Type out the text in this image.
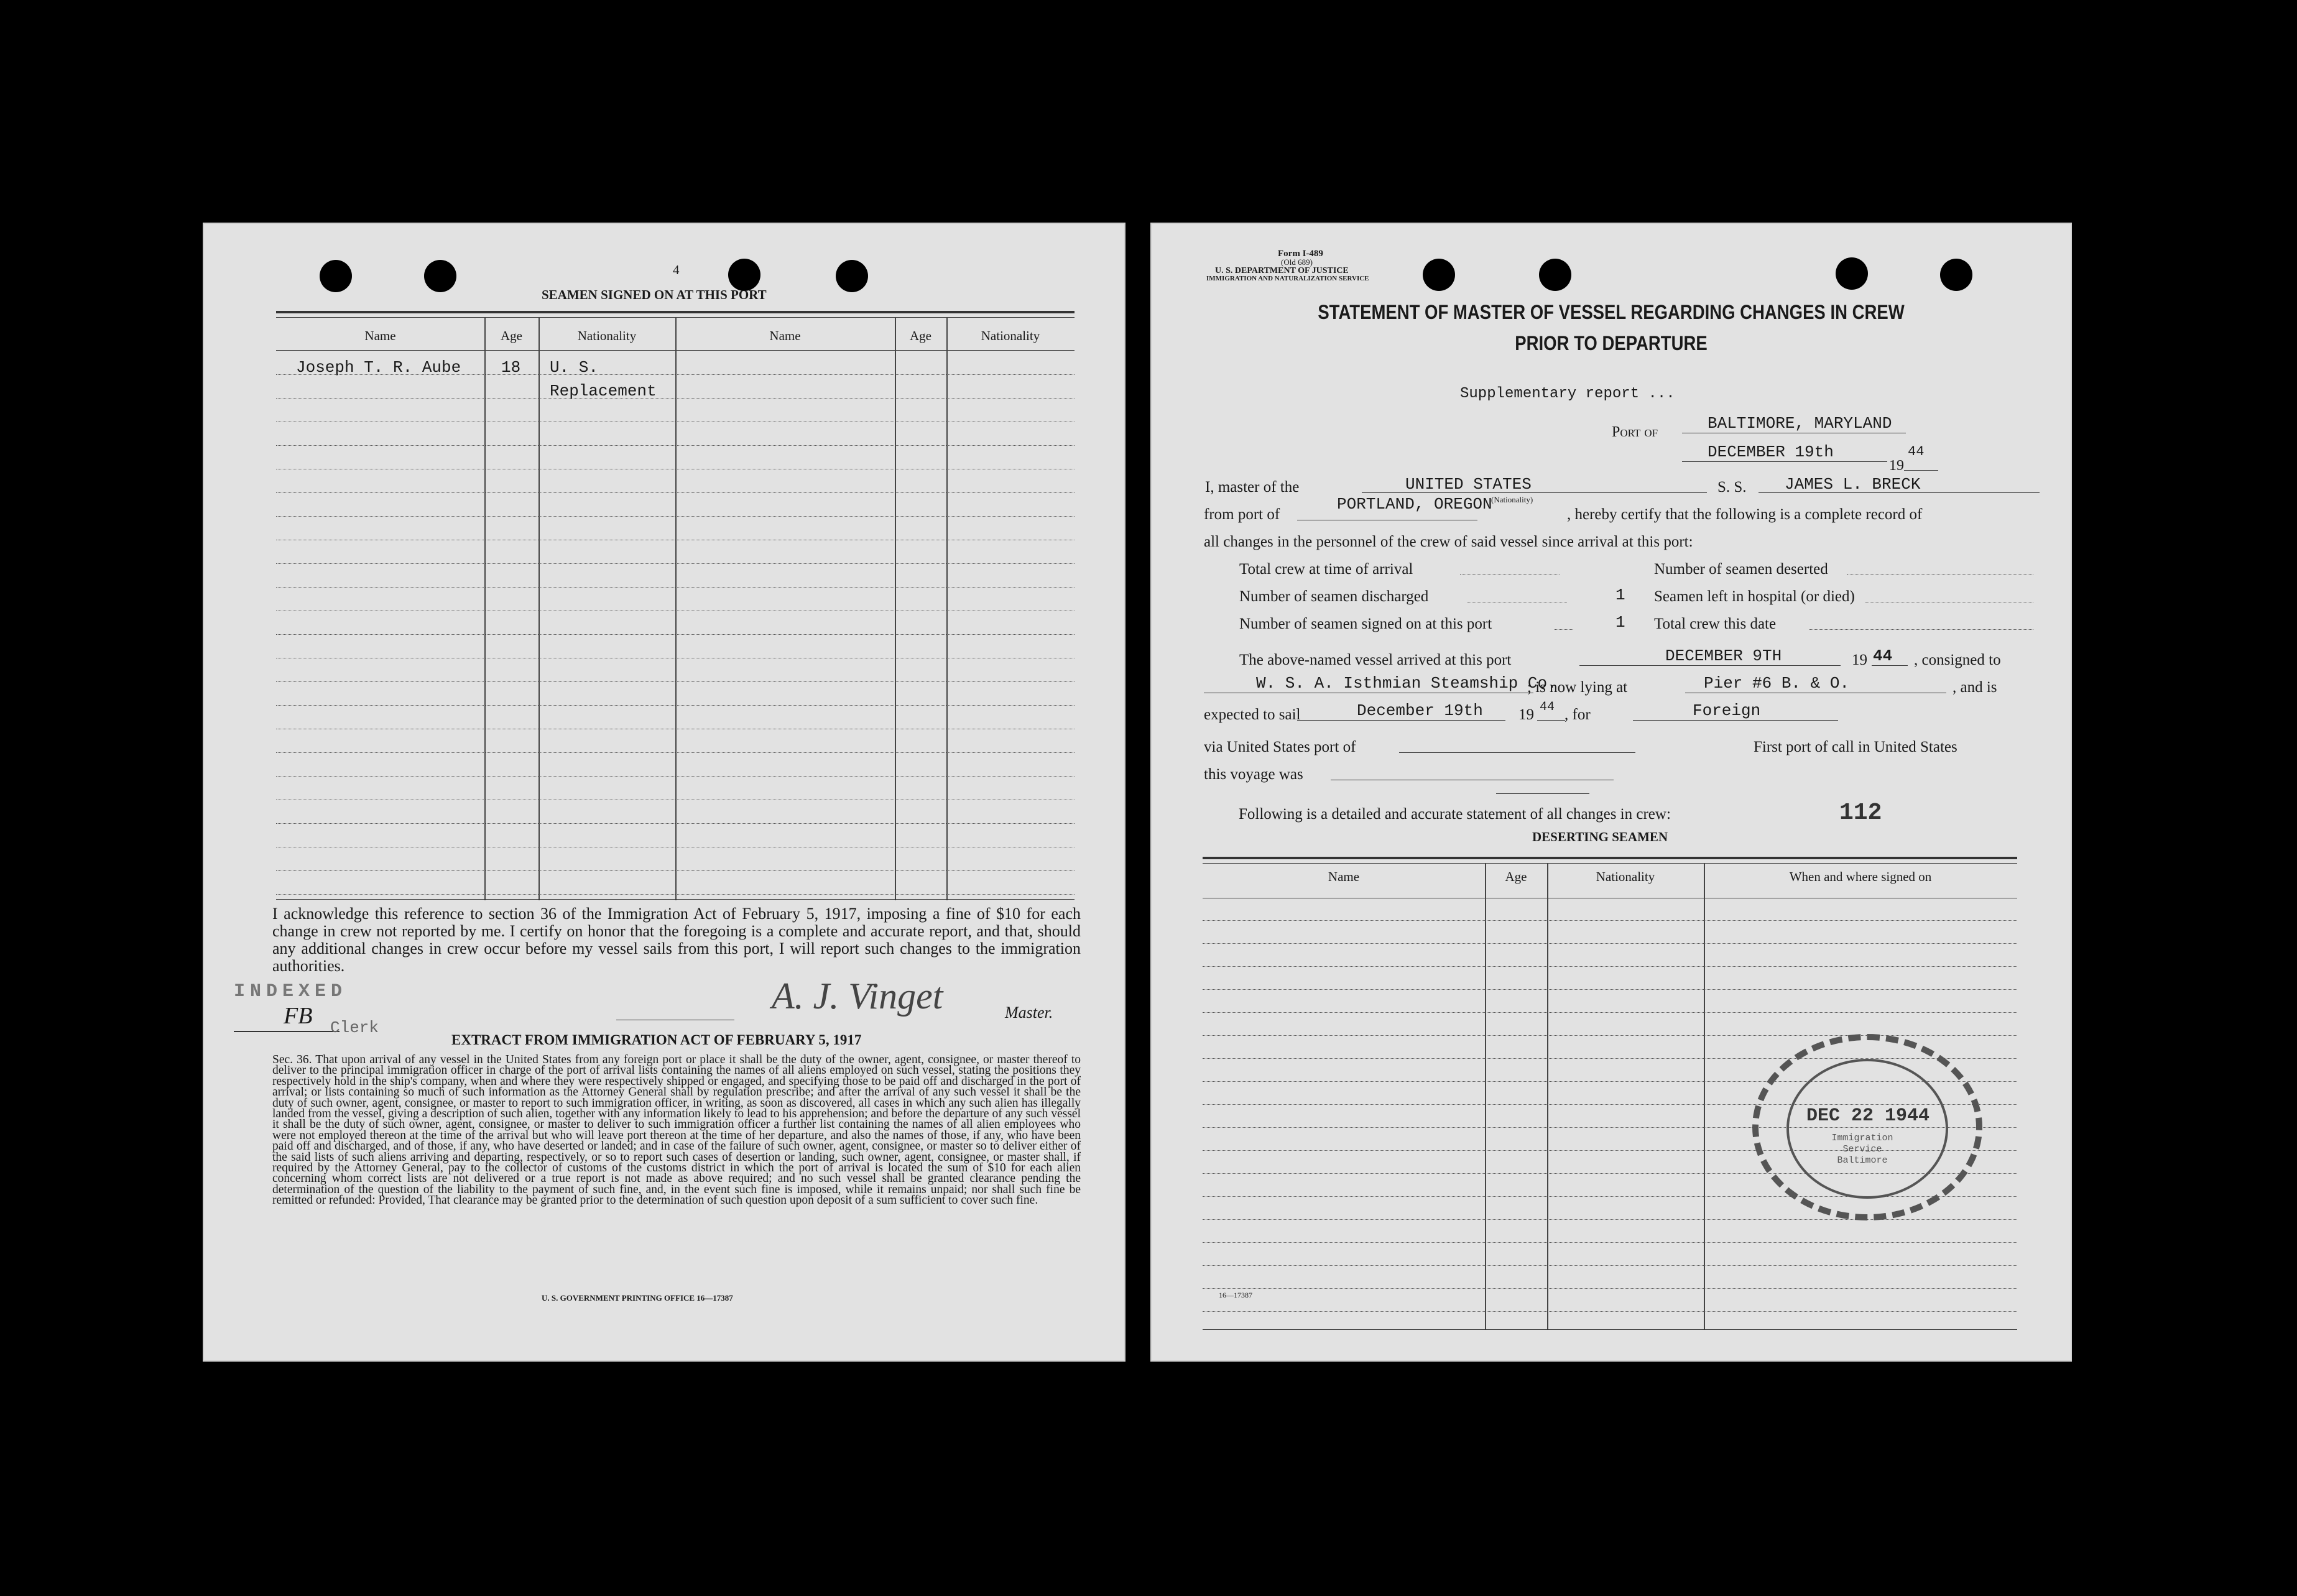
4
SEAMEN SIGNED ON AT THIS PORT
Name	Age	Nationality	Name	Age	Nationality
Joseph T. R. Aube 18 U. S.
Replacement
I acknowledge this reference to section 36 of the Immigration Act of February 5, 1917, imposing a fine of $10 for each change in crew not reported by me. I certify on honor that the foregoing is a complete and accurate report, and that, should any additional changes in crew occur before my vessel sails from this port, I will report such changes to the immigration authorities.
INDEXED
FB Clerk
A. J. Vinget	Master.
EXTRACT FROM IMMIGRATION ACT OF FEBRUARY 5, 1917
Sec. 36. That upon arrival of any vessel in the United States from any foreign port or place it shall be the duty of the owner, agent, consignee, or master thereof to deliver to the principal immigration officer in charge of the port of arrival lists containing the names of all aliens employed on such vessel, stating the positions they respectively hold in the ship's company, when and where they were respectively shipped or engaged, and specifying those to be paid off and discharged in the port of arrival; or lists containing so much of such information as the Attorney General shall by regulation prescribe; and after the arrival of any such vessel it shall be the duty of such owner, agent, consignee, or master to report to such immigration officer, in writing, as soon as discovered, all cases in which any such alien has illegally landed from the vessel, giving a description of such alien, together with any information likely to lead to his apprehension; and before the departure of any such vessel it shall be the duty of such owner, agent, consignee, or master to deliver to such immigration officer a further list containing the names of all alien employees who were not employed thereon at the time of the arrival but who will leave port thereon at the time of her departure, and also the names of those, if any, who have been paid off and discharged, and of those, if any, who have deserted or landed; and in case of the failure of such owner, agent, consignee, or master so to deliver either of the said lists of such aliens arriving and departing, respectively, or so to report such cases of desertion or landing, such owner, agent, consignee, or master shall, if required by the Attorney General, pay to the collector of customs of the customs district in which the port of arrival is located the sum of $10 for each alien concerning whom correct lists are not delivered or a true report is not made as above required; and no such vessel shall be granted clearance pending the determination of the question of the liability to the payment of such fine, and, in the event such fine is imposed, while it remains unpaid; nor shall such fine be remitted or refunded: Provided, That clearance may be granted prior to the determination of such question upon deposit of a sum sufficient to cover such fine.
U. S. GOVERNMENT PRINTING OFFICE 16—17387
Form I-489
(Old 689)
U. S. DEPARTMENT OF JUSTICE
IMMIGRATION AND NATURALIZATION SERVICE
STATEMENT OF MASTER OF VESSEL REGARDING CHANGES IN CREW
PRIOR TO DEPARTURE
Supplementary report ...
Port of	BALTIMORE, MARYLAND
DECEMBER 19th
19
44
I, master of the	UNITED STATES	S. S. JAMES L. BRECK
from port of
PORTLAND, OREGON
(Nationality)
, hereby certify that the following is a complete record of
all changes in the personnel of the crew of said vessel since arrival at this port:
Total crew at time of arrival	Number of seamen deserted
Number of seamen discharged	1 Seamen left in hospital (or died)
Number of seamen signed on at this port	1 Total crew this date
The above-named vessel arrived at this port	DECEMBER 9TH	19 44 , consigned to
W. S. A. Isthmian Steamship Co.
; is now lying at	Pier #6 B. & O.	, and is
expected to sail	December 19th 19 44 , for	Foreign
via United States port of	First port of call in United States
this voyage was
Following is a detailed and accurate statement of all changes in crew:	112
DESERTING SEAMEN
Name	Age	Nationality	When and where signed on
16—17387
DEC 22 1944
Immigration Service Baltimore
